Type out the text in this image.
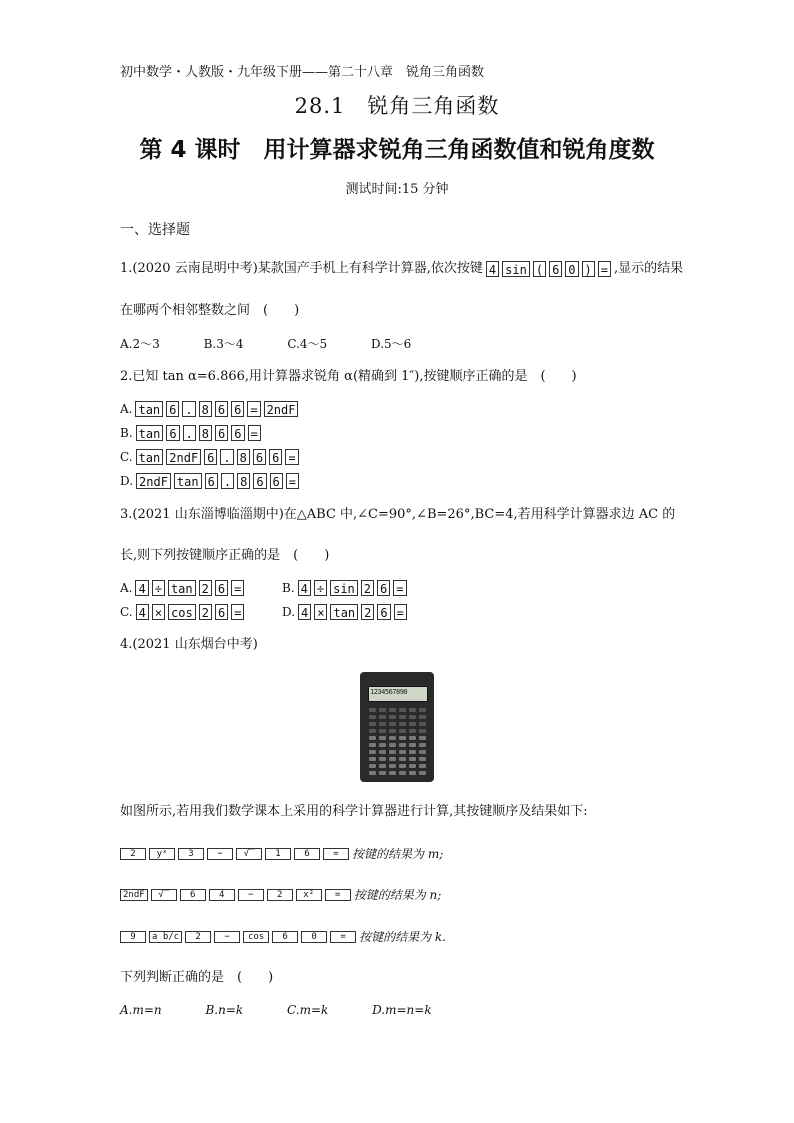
初中数学・人教版・九年级下册——第二十八章　锐角三角函数
28.1　锐角三角函数
第 4 课时　用计算器求锐角三角函数值和锐角度数
测试时间:15 分钟
一、选择题
1.(2020 云南昆明中考)某款国产手机上有科学计算器,依次按键 4 sin ( 6 0 ) = ,显示的结果
在哪两个相邻整数之间　(　　)
A.2～3	B.3～4	C.4～5	D.5～6
2.已知 tan α=6.866,用计算器求锐角 α(精确到 1″),按键顺序正确的是　(　　)
A. tan 6 . 8 6 6 = 2ndF
B. tan 6 . 8 6 6 =
C. tan 2ndF 6 . 8 6 6 =
D. 2ndF tan 6 . 8 6 6 =
3.(2021 山东淄博临淄期中)在△ABC 中,∠C=90°,∠B=26°,BC=4,若用科学计算器求边 AC 的
长,则下列按键顺序正确的是　(　　)
A. 4 ÷ tan 2 6 =	B. 4 ÷ sin 2 6 =
C. 4 × cos 2 6 =	D. 4 × tan 2 6 =
4.(2021 山东烟台中考)
1234567890
如图所示,若用我们数学课本上采用的科学计算器进行计算,其按键顺序及结果如下:
2	yˣ	3	−	√‾	1	6	=	按键的结果为 m;
2ndF	√‾	6	4	−	2	x²	=	按键的结果为 n;
9	a b/c	2	−	cos	6	0	=	按键的结果为 k.
下列判断正确的是　(　　)
A.m=n	B.n=k	C.m=k	D.m=n=k
